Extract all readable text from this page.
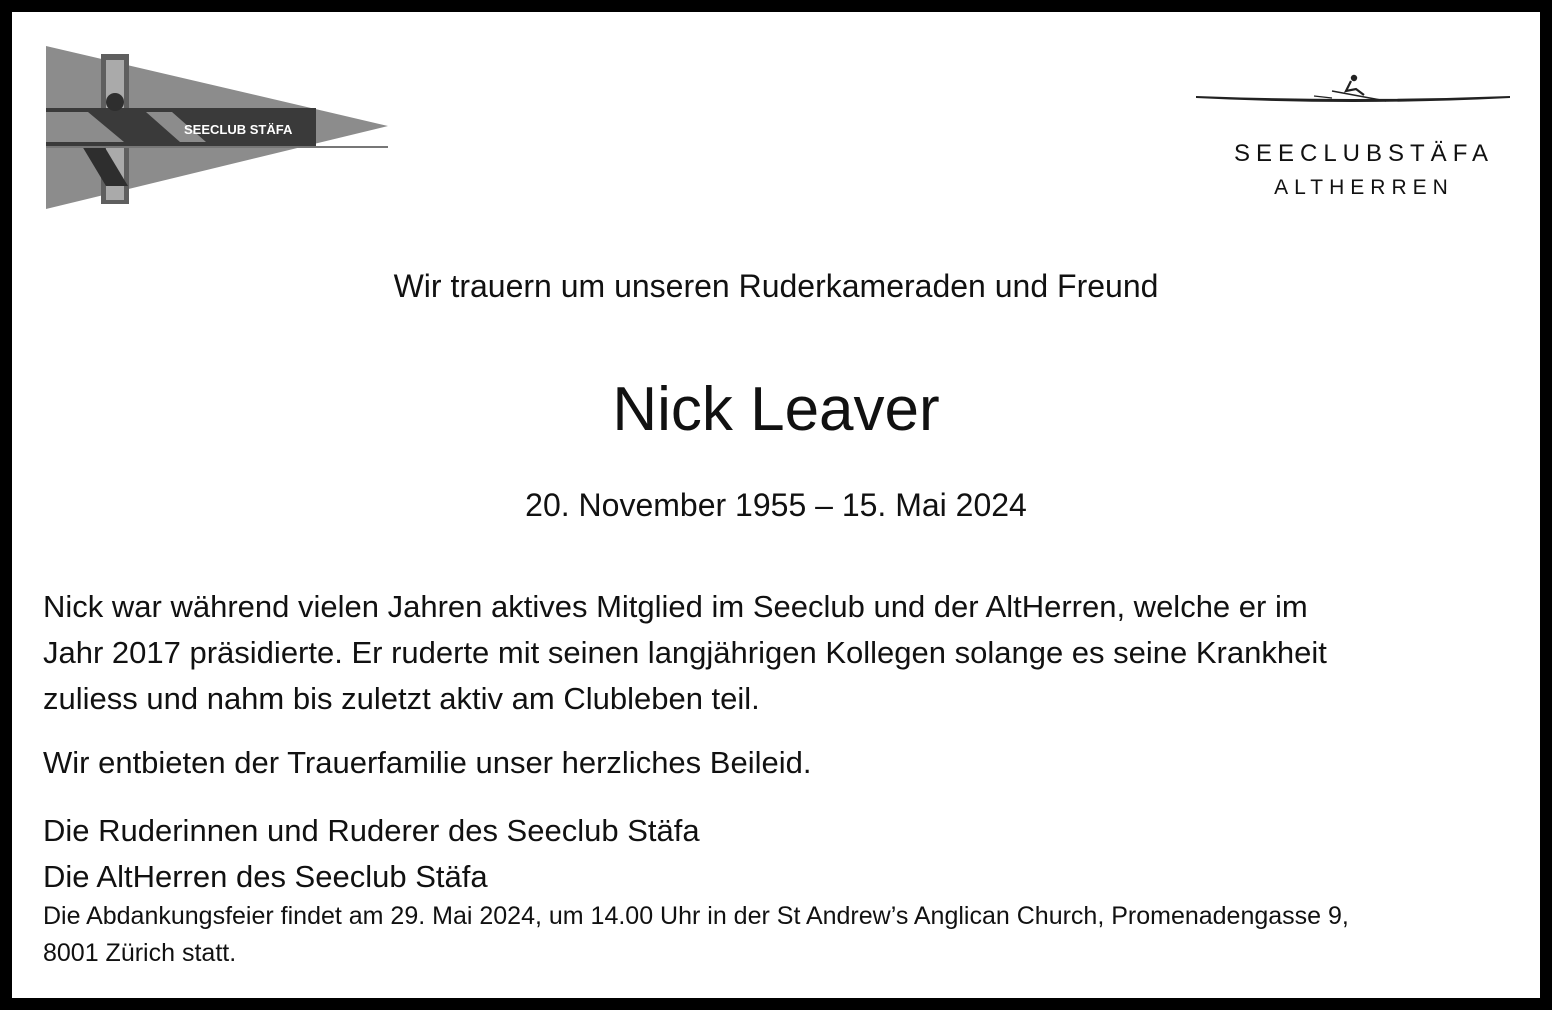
SEECLUB STÄFA
SEECLUBSTÄFA
ALTHERREN
Wir trauern um unseren Ruderkameraden und Freund
Nick Leaver
20. November 1955 – 15. Mai 2024
Nick war während vielen Jahren aktives Mitglied im Seeclub und der AltHerren, welche er im
Jahr 2017 präsidierte. Er ruderte mit seinen langjährigen Kollegen solange es seine Krankheit
zuliess und nahm bis zuletzt aktiv am Clubleben teil.
Wir entbieten der Trauerfamilie unser herzliches Beileid.
Die Ruderinnen und Ruderer des Seeclub Stäfa
Die AltHerren des Seeclub Stäfa
Die Abdankungsfeier findet am 29. Mai 2024, um 14.00 Uhr in der St Andrew’s Anglican Church, Promenadengasse 9,
8001 Zürich statt.
